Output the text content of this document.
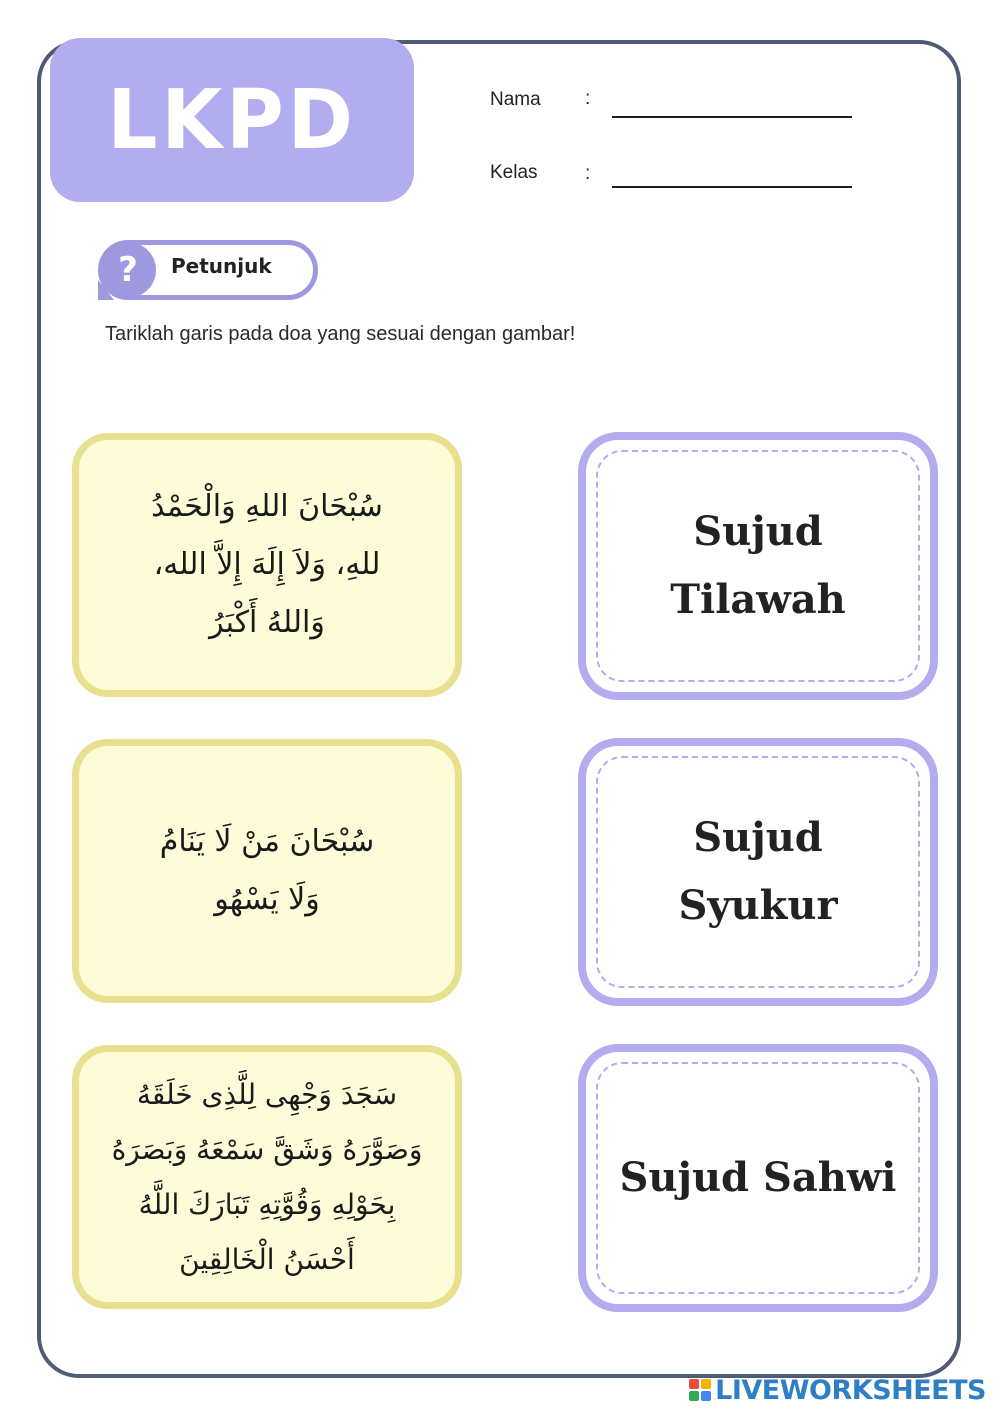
LKPD	Nama :
Kelas :
? Petunjuk
Tariklah garis pada doa yang sesuai dengan gambar!
سُبْحَانَ اللهِ وَالْحَمْدُ
للهِ، وَلاَ إِلَهَ إِلاَّ الله،
وَاللهُ أَكْبَرُ
سُبْحَانَ مَنْ لَا يَنَامُ
وَلَا يَسْهُو
سَجَدَ وَجْهِى لِلَّذِى خَلَقَهُ
وَصَوَّرَهُ وَشَقَّ سَمْعَهُ وَبَصَرَهُ
بِحَوْلِهِ وَقُوَّتِهِ تَبَارَكَ اللَّهُ
أَحْسَنُ الْخَالِقِينَ
Sujud
Tilawah
Sujud
Syukur
Sujud Sahwi
LIVEWORKSHEETS
